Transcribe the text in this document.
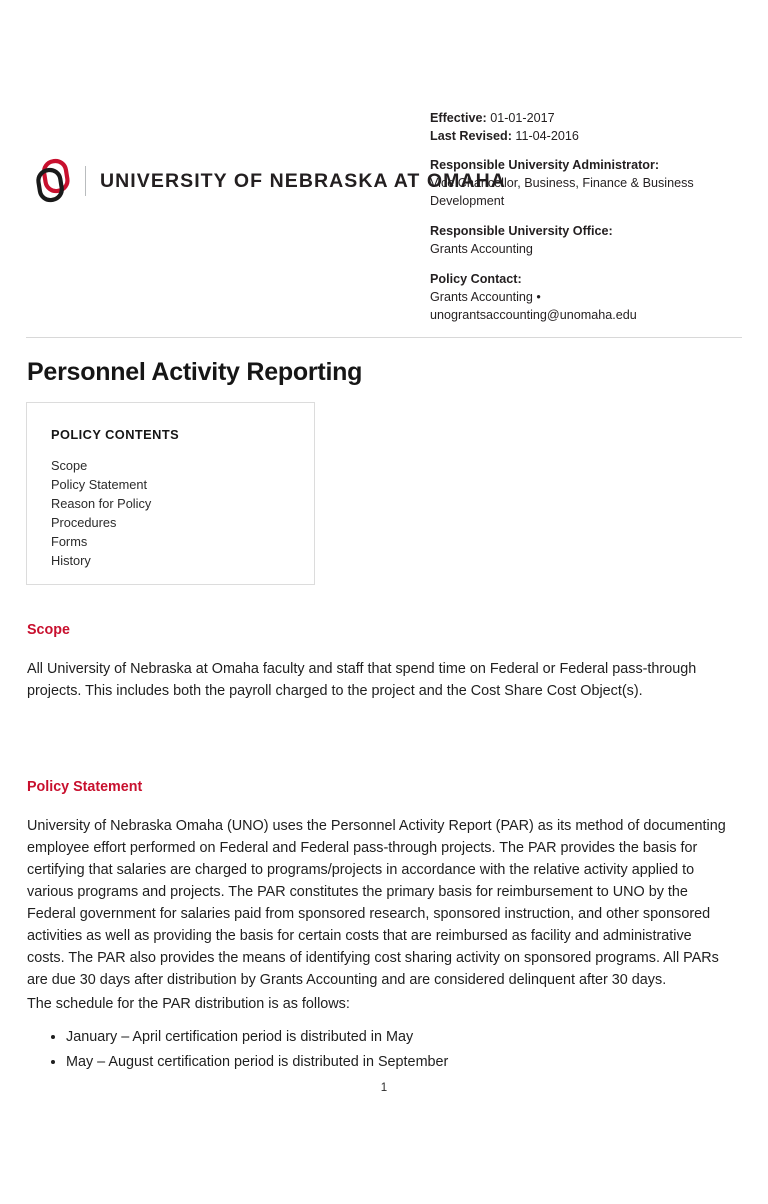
UNIVERSITY OF NEBRASKA AT OMAHA

Effective: 01-01-2017

Last Revised: 11-04-2016

Responsible University Administrator:
Vice Chancellor, Business, Finance & Business Development

Responsible University Office:
Grants Accounting

Policy Contact:
Grants Accounting •
unograntsaccounting@unomaha.edu

Personnel Activity Reporting

POLICY CONTENTS

Scope
Policy Statement
Reason for Policy
Procedures
Forms
History
Scope

All University of Nebraska at Omaha faculty and staff that spend time on Federal or Federal pass-through projects. This includes both the payroll charged to the project and the Cost Share Cost Object(s).

Policy Statement

University of Nebraska Omaha (UNO) uses the Personnel Activity Report (PAR) as its method of documenting employee effort performed on Federal and Federal pass-through projects. The PAR provides the basis for certifying that salaries are charged to programs/projects in accordance with the relative activity applied to various programs and projects. The PAR constitutes the primary basis for reimbursement to UNO by the Federal government for salaries paid from sponsored research, sponsored instruction, and other sponsored activities as well as providing the basis for certain costs that are reimbursed as facility and administrative costs. The PAR also provides the means of identifying cost sharing activity on sponsored programs. All PARs are due 30 days after distribution by Grants Accounting and are considered delinquent after 30 days.

The schedule for the PAR distribution is as follows:

• January – April certification period is distributed in May
• May – August certification period is distributed in September
1
